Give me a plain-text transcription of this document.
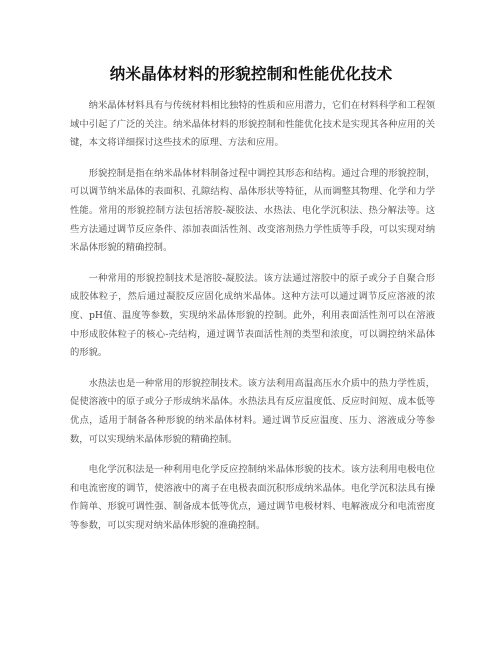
纳米晶体材料的形貌控制和性能优化技术

纳米晶体材料具有与传统材料相比独特的性质和应用潜力，它们在材料科学和工程领域中引起了广泛的关注。纳米晶体材料的形貌控制和性能优化技术是实现其各种应用的关键，本文将详细探讨这些技术的原理、方法和应用。

形貌控制是指在纳米晶体材料制备过程中调控其形态和结构。通过合理的形貌控制，可以调节纳米晶体的表面积、孔隙结构、晶体形状等特征，从而调整其物理、化学和力学性能。常用的形貌控制方法包括溶胶-凝胶法、水热法、电化学沉积法、热分解法等。这些方法通过调节反应条件、添加表面活性剂、改变溶剂热力学性质等手段，可以实现对纳米晶体形貌的精确控制。

一种常用的形貌控制技术是溶胶-凝胶法。该方法通过溶胶中的原子或分子自聚合形成胶体粒子，然后通过凝胶反应固化成纳米晶体。这种方法可以通过调节反应溶液的浓度、pH值、温度等参数，实现纳米晶体形貌的控制。此外，利用表面活性剂可以在溶液中形成胶体粒子的核心-壳结构，通过调节表面活性剂的类型和浓度，可以调控纳米晶体的形貌。

水热法也是一种常用的形貌控制技术。该方法利用高温高压水介质中的热力学性质，促使溶液中的原子或分子形成纳米晶体。水热法具有反应温度低、反应时间短、成本低等优点，适用于制备各种形貌的纳米晶体材料。通过调节反应温度、压力、溶液成分等参数，可以实现纳米晶体形貌的精确控制。

电化学沉积法是一种利用电化学反应控制纳米晶体形貌的技术。该方法利用电极电位和电流密度的调节，使溶液中的离子在电极表面沉积形成纳米晶体。电化学沉积法具有操作简单、形貌可调性强、制备成本低等优点，通过调节电极材料、电解液成分和电流密度等参数，可以实现对纳米晶体形貌的准确控制。
